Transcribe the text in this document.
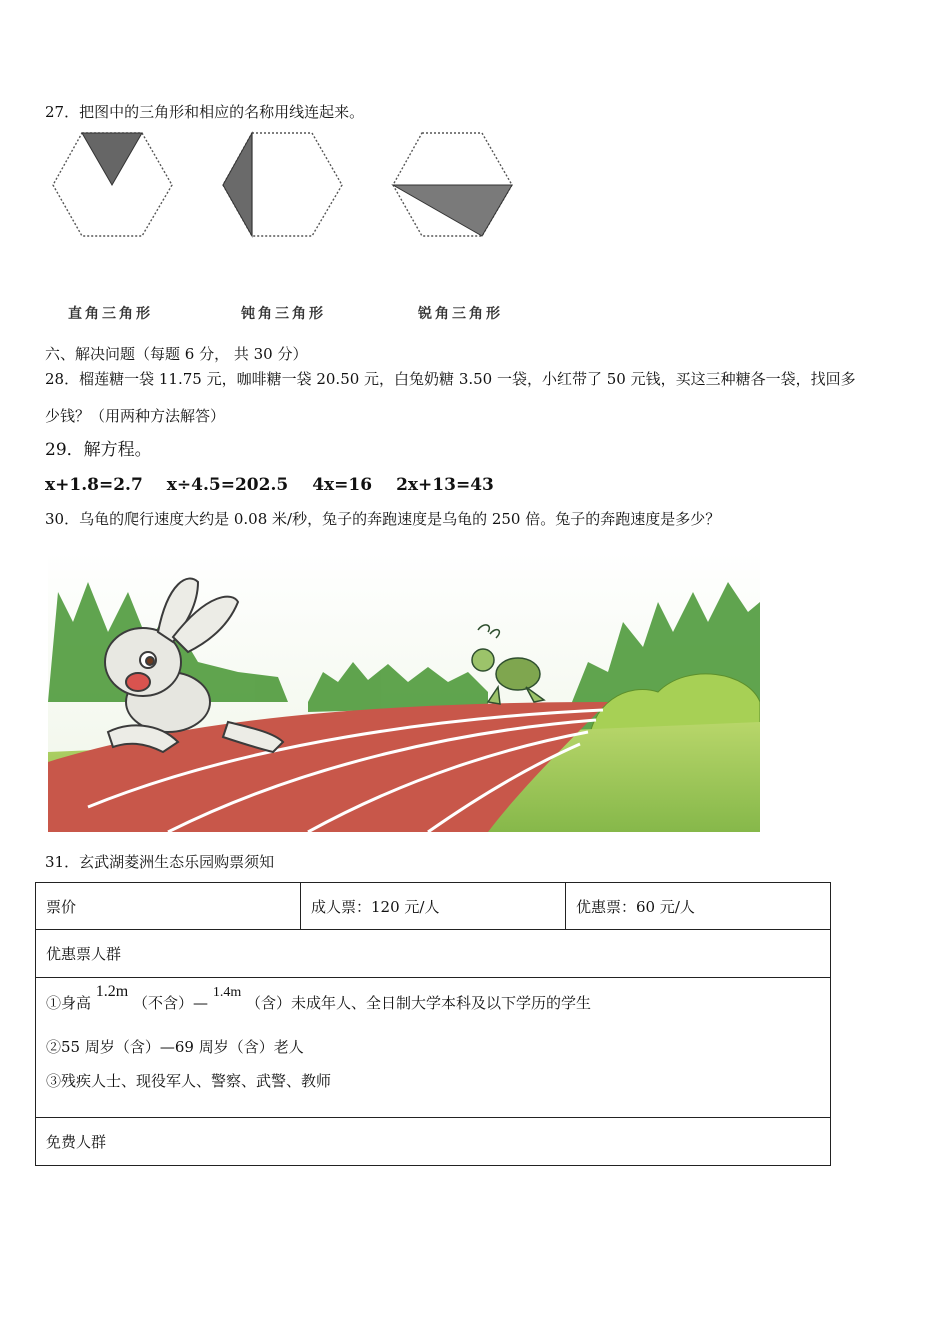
27．把图中的三角形和相应的名称用线连起来。
直角三角形	钝角三角形	锐角三角形
六、解决问题（每题 6 分， 共 30 分）
28．榴莲糖一袋 11.75 元，咖啡糖一袋 20.50 元，白兔奶糖 3.50 一袋，小红带了 50 元钱，买这三种糖各一袋，找回多
少钱？（用两种方法解答）
29．解方程。
x+1.8=2.7 x÷4.5=202.5 4x=16 2x+13=43
30．乌龟的爬行速度大约是 0.08 米/秒，兔子的奔跑速度是乌龟的 250 倍。兔子的奔跑速度是多少？
31．玄武湖菱洲生态乐园购票须知
票价	成人票：120 元/人	优惠票：60 元/人
优惠票人群

①身高 1.2m （不含）— 1.4m （含）未成年人、全日制大学本科及以下学历的学生
②55 周岁（含）—69 周岁（含）老人
③残疾人士、现役军人、警察、武警、教师

免费人群
